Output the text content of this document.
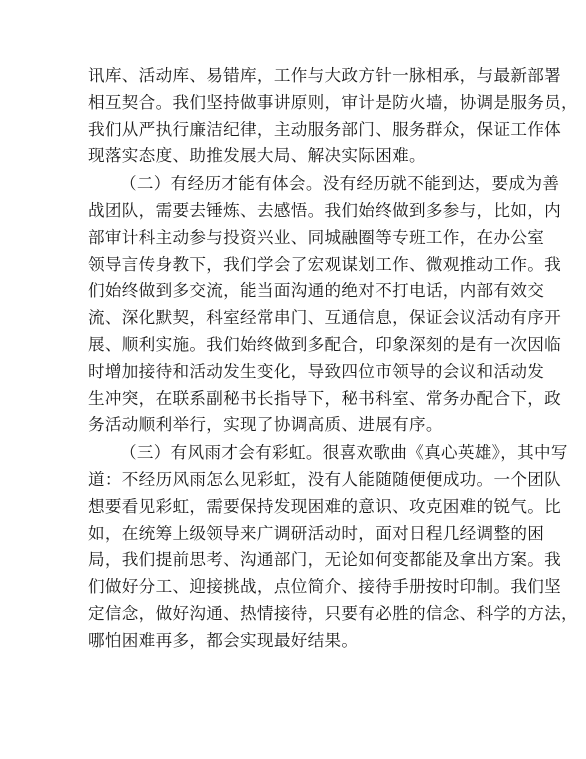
讯库、活动库、易错库，工作与大政方针一脉相承，与最新部署
相互契合。我们坚持做事讲原则，审计是防火墙，协调是服务员，
我们从严执行廉洁纪律，主动服务部门、服务群众，保证工作体
现落实态度、助推发展大局、解决实际困难。

（二）有经历才能有体会。没有经历就不能到达，要成为善
战团队，需要去锤炼、去感悟。我们始终做到多参与，比如，内
部审计科主动参与投资兴业、同城融圈等专班工作，在办公室
领导言传身教下，我们学会了宏观谋划工作、微观推动工作。我
们始终做到多交流，能当面沟通的绝对不打电话，内部有效交
流、深化默契，科室经常串门、互通信息，保证会议活动有序开
展、顺利实施。我们始终做到多配合，印象深刻的是有一次因临
时增加接待和活动发生变化，导致四位市领导的会议和活动发
生冲突，在联系副秘书长指导下，秘书科室、常务办配合下，政
务活动顺利举行，实现了协调高质、进展有序。

（三）有风雨才会有彩虹。很喜欢歌曲《真心英雄》，其中写
道：不经历风雨怎么见彩虹，没有人能随随便便成功。一个团队
想要看见彩虹，需要保持发现困难的意识、攻克困难的锐气。比
如，在统筹上级领导来广调研活动时，面对日程几经调整的困
局，我们提前思考、沟通部门，无论如何变都能及拿出方案。我
们做好分工、迎接挑战，点位简介、接待手册按时印制。我们坚
定信念，做好沟通、热情接待，只要有必胜的信念、科学的方法，
哪怕困难再多，都会实现最好结果。
